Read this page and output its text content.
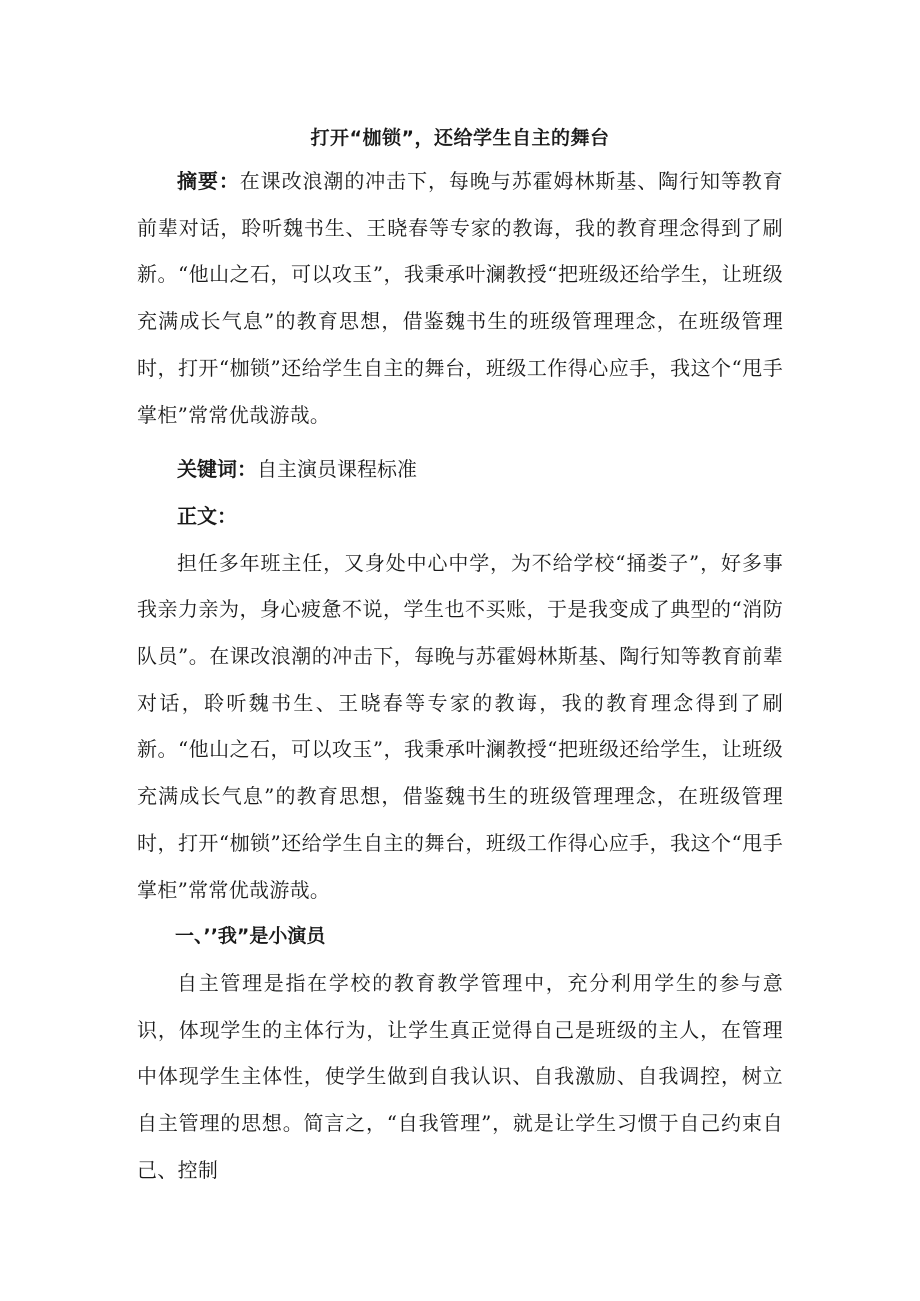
打开“枷锁”，还给学生自主的舞台

摘要：在课改浪潮的冲击下，每晚与苏霍姆林斯基、陶行知等教育前辈对话，聆听魏书生、王晓春等专家的教诲，我的教育理念得到了刷新。“他山之石，可以攻玉”，我秉承叶澜教授“把班级还给学生，让班级充满成长气息”的教育思想，借鉴魏书生的班级管理理念，在班级管理时，打开“枷锁”还给学生自主的舞台，班级工作得心应手，我这个“甩手掌柜”常常优哉游哉。

关键词：自主演员课程标准

正文：

担任多年班主任，又身处中心中学，为不给学校“捅娄子”，好多事我亲力亲为，身心疲惫不说，学生也不买账，于是我变成了典型的“消防队员”。在课改浪潮的冲击下，每晚与苏霍姆林斯基、陶行知等教育前辈对话，聆听魏书生、王晓春等专家的教诲，我的教育理念得到了刷新。“他山之石，可以攻玉”，我秉承叶澜教授“把班级还给学生，让班级充满成长气息”的教育思想，借鉴魏书生的班级管理理念，在班级管理时，打开“枷锁”还给学生自主的舞台，班级工作得心应手，我这个“甩手掌柜”常常优哉游哉。

一、’’我”是小演员

自主管理是指在学校的教育教学管理中，充分利用学生的参与意识，体现学生的主体行为，让学生真正觉得自己是班级的主人，在管理中体现学生主体性，使学生做到自我认识、自我激励、自我调控，树立自主管理的思想。简言之，“自我管理”，就是让学生习惯于自己约束自己、控制
